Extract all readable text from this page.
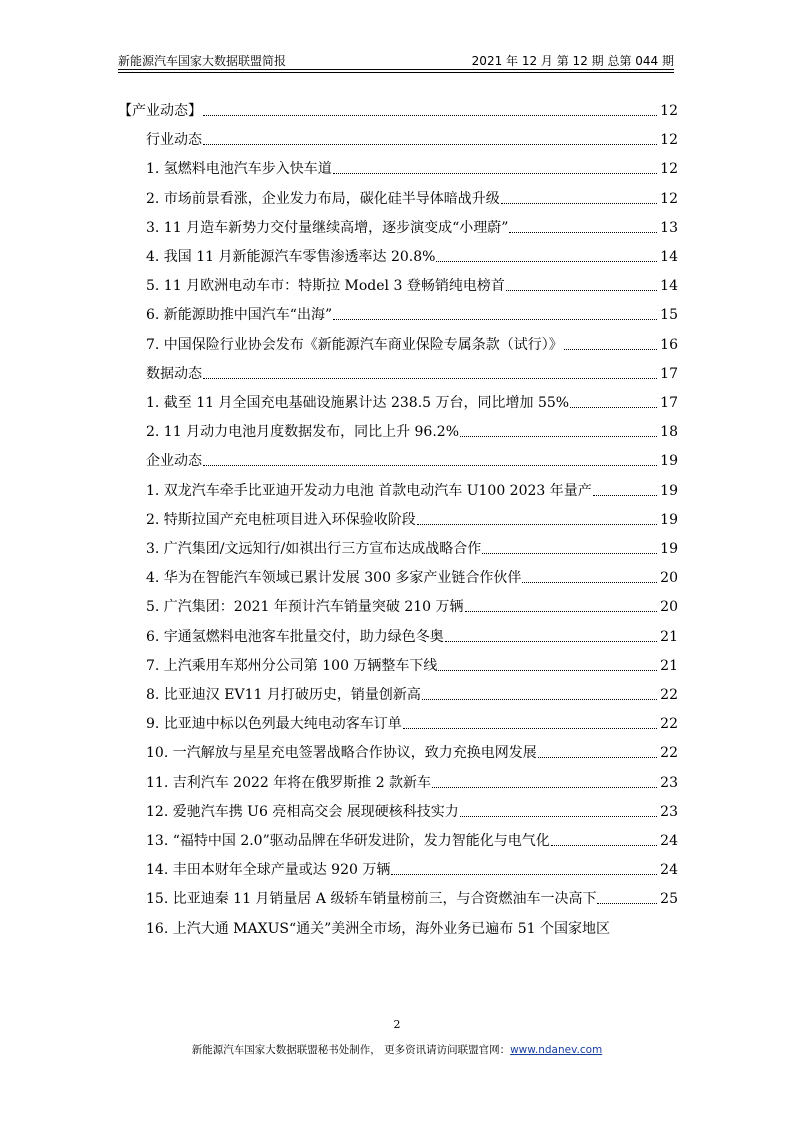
新能源汽车国家大数据联盟简报	2021 年 12 月 第 12 期 总第 044 期
【产业动态】	12
行业动态	12
1. 氢燃料电池汽车步入快车道	12
2. 市场前景看涨，企业发力布局，碳化硅半导体暗战升级	12
3. 11 月造车新势力交付量继续高增，逐步演变成“小理蔚”	13
4. 我国 11 月新能源汽车零售渗透率达 20.8%	14
5. 11 月欧洲电动车市：特斯拉 Model 3 登畅销纯电榜首	14
6. 新能源助推中国汽车“出海”	15
7. 中国保险行业协会发布《新能源汽车商业保险专属条款（试行）》	16
数据动态	17
1. 截至 11 月全国充电基础设施累计达 238.5 万台，同比增加 55%	17
2. 11 月动力电池月度数据发布，同比上升 96.2%	18
企业动态	19
1. 双龙汽车牵手比亚迪开发动力电池 首款电动汽车 U100 2023 年量产	19
2. 特斯拉国产充电桩项目进入环保验收阶段	19
3. 广汽集团/文远知行/如祺出行三方宣布达成战略合作	19
4. 华为在智能汽车领域已累计发展 300 多家产业链合作伙伴	20
5. 广汽集团：2021 年预计汽车销量突破 210 万辆	20
6. 宇通氢燃料电池客车批量交付，助力绿色冬奥	21
7. 上汽乘用车郑州分公司第 100 万辆整车下线	21
8. 比亚迪汉 EV11 月打破历史，销量创新高	22
9. 比亚迪中标以色列最大纯电动客车订单	22
10. 一汽解放与星星充电签署战略合作协议，致力充换电网发展	22
11. 吉利汽车 2022 年将在俄罗斯推 2 款新车	23
12. 爱驰汽车携 U6 亮相高交会 展现硬核科技实力	23
13. “福特中国 2.0”驱动品牌在华研发进阶，发力智能化与电气化	24
14. 丰田本财年全球产量或达 920 万辆	24
15. 比亚迪秦 11 月销量居 A 级轿车销量榜前三，与合资燃油车一决高下	25
16. 上汽大通 MAXUS“通关”美洲全市场，海外业务已遍布 51 个国家地区
2
新能源汽车国家大数据联盟秘书处制作， 更多资讯请访问联盟官网：www.ndanev.com
